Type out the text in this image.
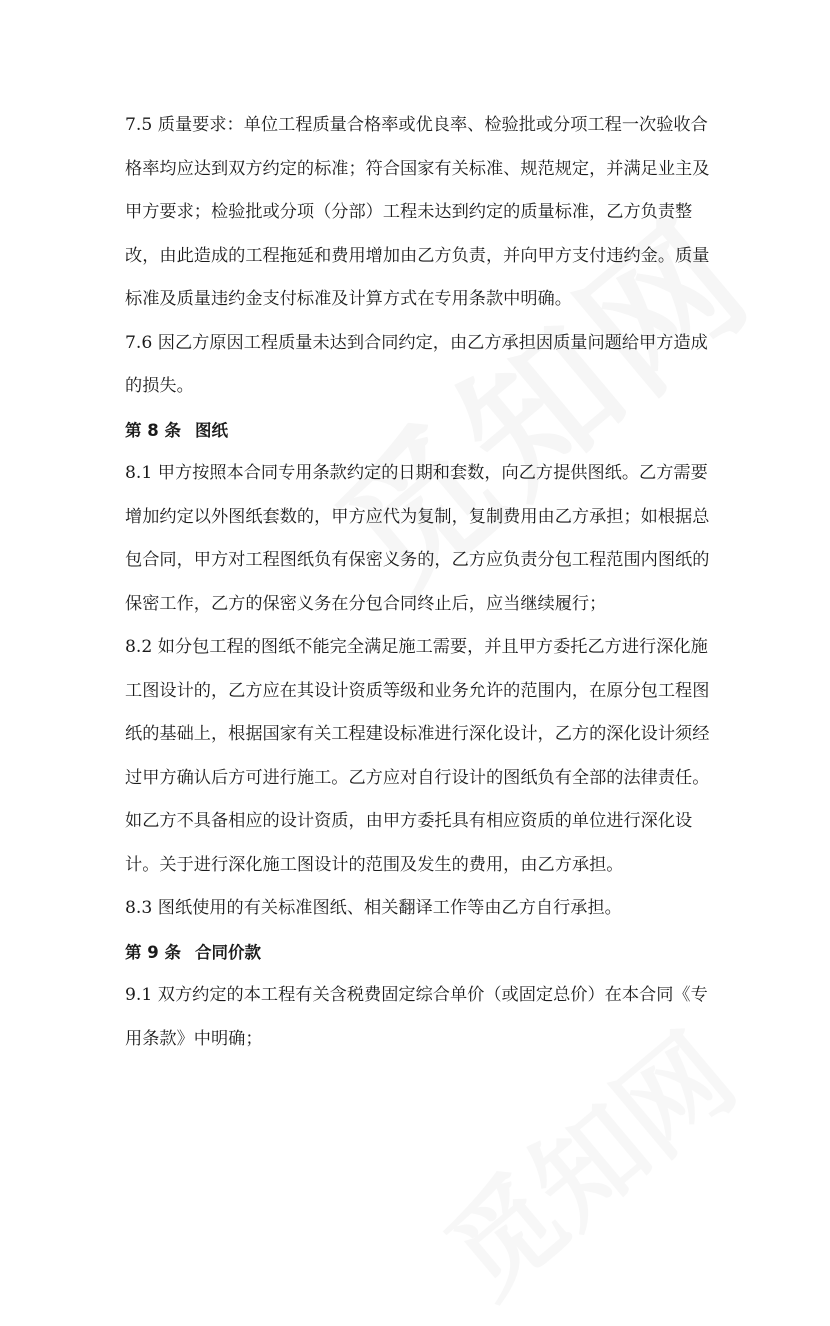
7.5 质量要求：单位工程质量合格率或优良率、检验批或分项工程一次验收合
格率均应达到双方约定的标准；符合国家有关标准、规范规定，并满足业主及
甲方要求；检验批或分项（分部）工程未达到约定的质量标准，乙方负责整
改，由此造成的工程拖延和费用增加由乙方负责，并向甲方支付违约金。质量
标准及质量违约金支付标准及计算方式在专用条款中明确。
7.6 因乙方原因工程质量未达到合同约定，由乙方承担因质量问题给甲方造成
的损失。
第 8 条 图纸
8.1 甲方按照本合同专用条款约定的日期和套数，向乙方提供图纸。乙方需要
增加约定以外图纸套数的，甲方应代为复制，复制费用由乙方承担；如根据总
包合同，甲方对工程图纸负有保密义务的，乙方应负责分包工程范围内图纸的
保密工作，乙方的保密义务在分包合同终止后，应当继续履行；
8.2 如分包工程的图纸不能完全满足施工需要，并且甲方委托乙方进行深化施
工图设计的，乙方应在其设计资质等级和业务允许的范围内，在原分包工程图
纸的基础上，根据国家有关工程建设标准进行深化设计，乙方的深化设计须经
过甲方确认后方可进行施工。乙方应对自行设计的图纸负有全部的法律责任。
如乙方不具备相应的设计资质，由甲方委托具有相应资质的单位进行深化设
计。关于进行深化施工图设计的范围及发生的费用，由乙方承担。
8.3 图纸使用的有关标准图纸、相关翻译工作等由乙方自行承担。
第 9 条 合同价款
9.1 双方约定的本工程有关含税费固定综合单价（或固定总价）在本合同《专
用条款》中明确；
